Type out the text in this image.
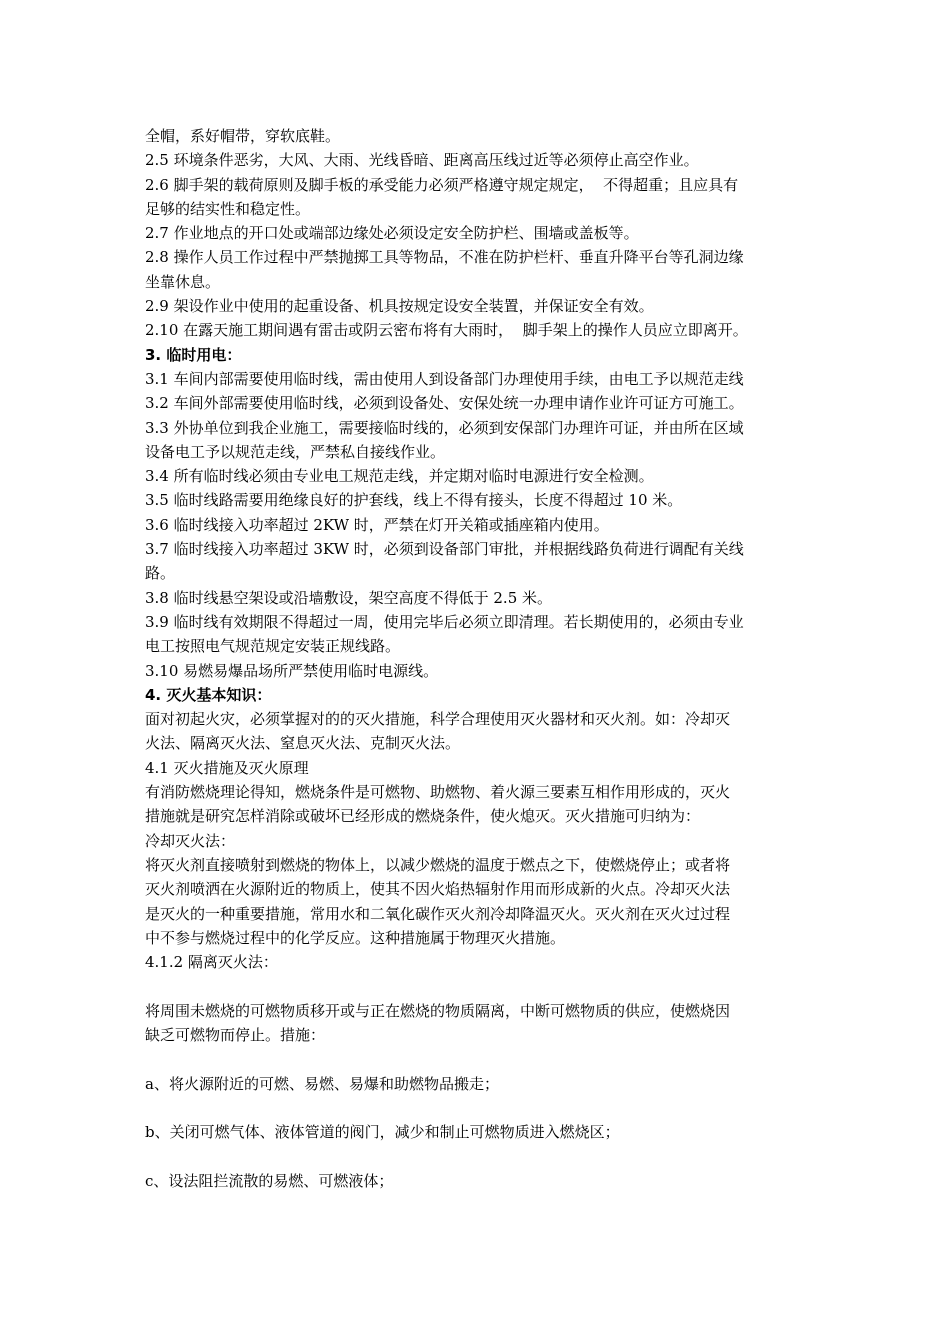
全帽，系好帽带，穿软底鞋。
2.5 环境条件恶劣，大风、大雨、光线昏暗、距离高压线过近等必须停止高空作业。
2.6 脚手架的载荷原则及脚手板的承受能力必须严格遵守规定规定，  不得超重；且应具有
足够的结实性和稳定性。
2.7 作业地点的开口处或端部边缘处必须设定安全防护栏、围墙或盖板等。
2.8 操作人员工作过程中严禁抛掷工具等物品，不准在防护栏杆、垂直升降平台等孔洞边缘
坐靠休息。
2.9 架设作业中使用的起重设备、机具按规定设安全装置，并保证安全有效。
2.10 在露天施工期间遇有雷击或阴云密布将有大雨时，  脚手架上的操作人员应立即离开。
3. 临时用电：
3.1 车间内部需要使用临时线，需由使用人到设备部门办理使用手续，由电工予以规范走线
3.2 车间外部需要使用临时线，必须到设备处、安保处统一办理申请作业许可证方可施工。
3.3 外协单位到我企业施工，需要接临时线的，必须到安保部门办理许可证，并由所在区域
设备电工予以规范走线，严禁私自接线作业。
3.4 所有临时线必须由专业电工规范走线，并定期对临时电源进行安全检测。
3.5 临时线路需要用绝缘良好的护套线，线上不得有接头，长度不得超过 10 米。
3.6 临时线接入功率超过 2KW 时，严禁在灯开关箱或插座箱内使用。
3.7 临时线接入功率超过 3KW 时，必须到设备部门审批，并根据线路负荷进行调配有关线
路。
3.8 临时线悬空架设或沿墙敷设，架空高度不得低于 2.5 米。
3.9 临时线有效期限不得超过一周，使用完毕后必须立即清理。若长期使用的，必须由专业
电工按照电气规范规定安装正规线路。
3.10 易燃易爆品场所严禁使用临时电源线。
4. 灭火基本知识：
面对初起火灾，必须掌握对的的灭火措施，科学合理使用灭火器材和灭火剂。如：冷却灭
火法、隔离灭火法、窒息灭火法、克制灭火法。
4.1 灭火措施及灭火原理
有消防燃烧理论得知，燃烧条件是可燃物、助燃物、着火源三要素互相作用形成的，灭火
措施就是研究怎样消除或破坏已经形成的燃烧条件，使火熄灭。灭火措施可归纳为：
冷却灭火法：
将灭火剂直接喷射到燃烧的物体上，以减少燃烧的温度于燃点之下，使燃烧停止；或者将
灭火剂喷洒在火源附近的物质上，使其不因火焰热辐射作用而形成新的火点。冷却灭火法
是灭火的一种重要措施，常用水和二氧化碳作灭火剂冷却降温灭火。灭火剂在灭火过过程
中不参与燃烧过程中的化学反应。这种措施属于物理灭火措施。
4.1.2 隔离灭火法：
将周围未燃烧的可燃物质移开或与正在燃烧的物质隔离，中断可燃物质的供应，使燃烧因
缺乏可燃物而停止。措施：
a、将火源附近的可燃、易燃、易爆和助燃物品搬走；
b、关闭可燃气体、液体管道的阀门，减少和制止可燃物质进入燃烧区；
c、设法阻拦流散的易燃、可燃液体；
